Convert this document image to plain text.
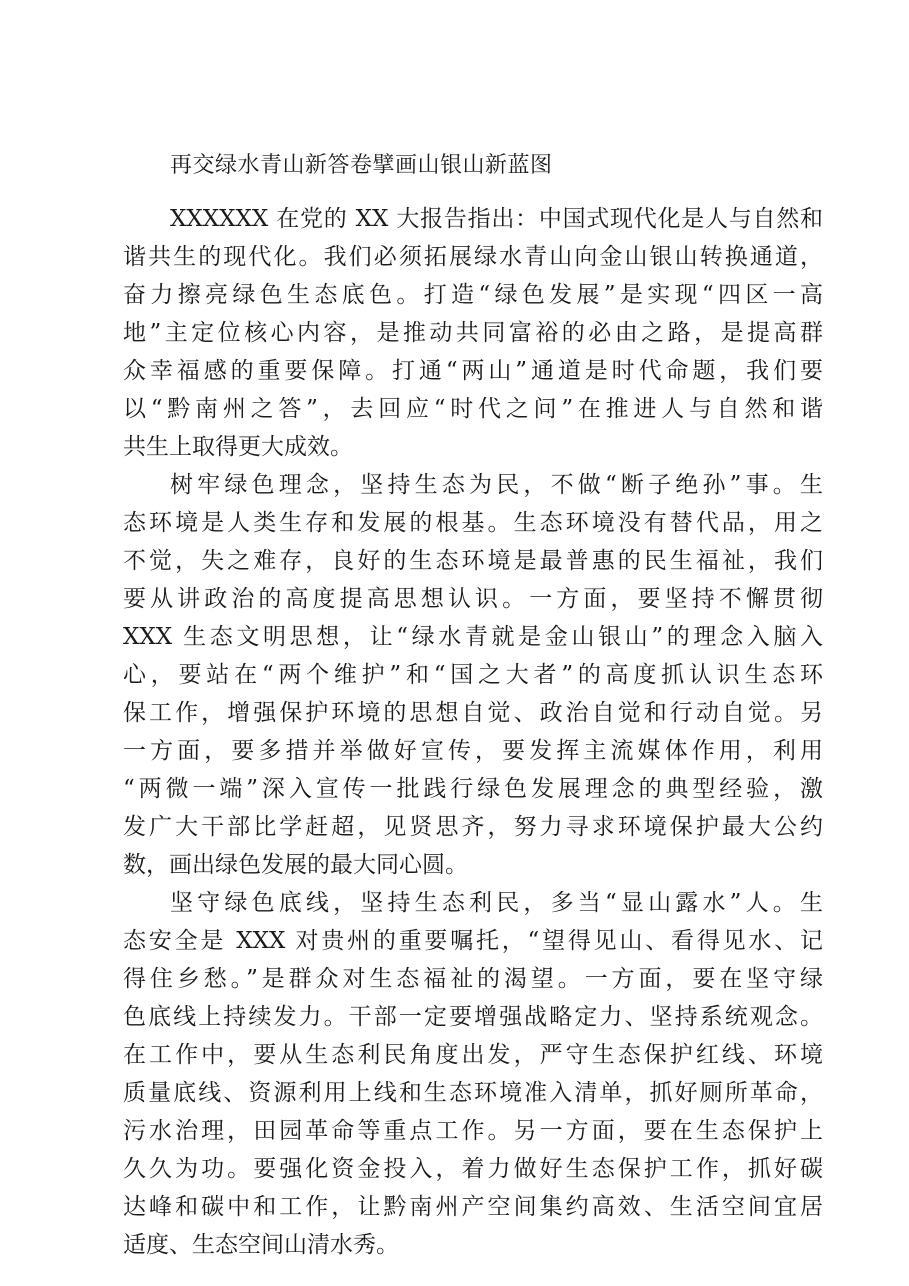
再交绿水青山新答卷擘画山银山新蓝图

XXXXXX 在党的 XX 大报告指出：中国式现代化是人与自然和
谐共生的现代化。我们必须拓展绿水青山向金山银山转换通道，
奋力擦亮绿色生态底色。打造“绿色发展”是实现“四区一高
地”主定位核心内容，是推动共同富裕的必由之路，是提高群
众幸福感的重要保障。打通“两山”通道是时代命题，我们要
以“黔南州之答”，去回应“时代之问”在推进人与自然和谐
共生上取得更大成效。

树牢绿色理念，坚持生态为民，不做“断子绝孙”事。生
态环境是人类生存和发展的根基。生态环境没有替代品，用之
不觉，失之难存，良好的生态环境是最普惠的民生福祉，我们
要从讲政治的高度提高思想认识。一方面，要坚持不懈贯彻
XXX 生态文明思想，让“绿水青就是金山银山”的理念入脑入
心，要站在“两个维护”和“国之大者”的高度抓认识生态环
保工作，增强保护环境的思想自觉、政治自觉和行动自觉。另
一方面，要多措并举做好宣传，要发挥主流媒体作用，利用
“两微一端”深入宣传一批践行绿色发展理念的典型经验，激
发广大干部比学赶超，见贤思齐，努力寻求环境保护最大公约
数，画出绿色发展的最大同心圆。

坚守绿色底线，坚持生态利民，多当“显山露水”人。生
态安全是 XXX 对贵州的重要嘱托，“望得见山、看得见水、记
得住乡愁。”是群众对生态福祉的渴望。一方面，要在坚守绿
色底线上持续发力。干部一定要增强战略定力、坚持系统观念。
在工作中，要从生态利民角度出发，严守生态保护红线、环境
质量底线、资源利用上线和生态环境准入清单，抓好厕所革命，
污水治理，田园革命等重点工作。另一方面，要在生态保护上
久久为功。要强化资金投入，着力做好生态保护工作，抓好碳
达峰和碳中和工作，让黔南州产空间集约高效、生活空间宜居
适度、生态空间山清水秀。
